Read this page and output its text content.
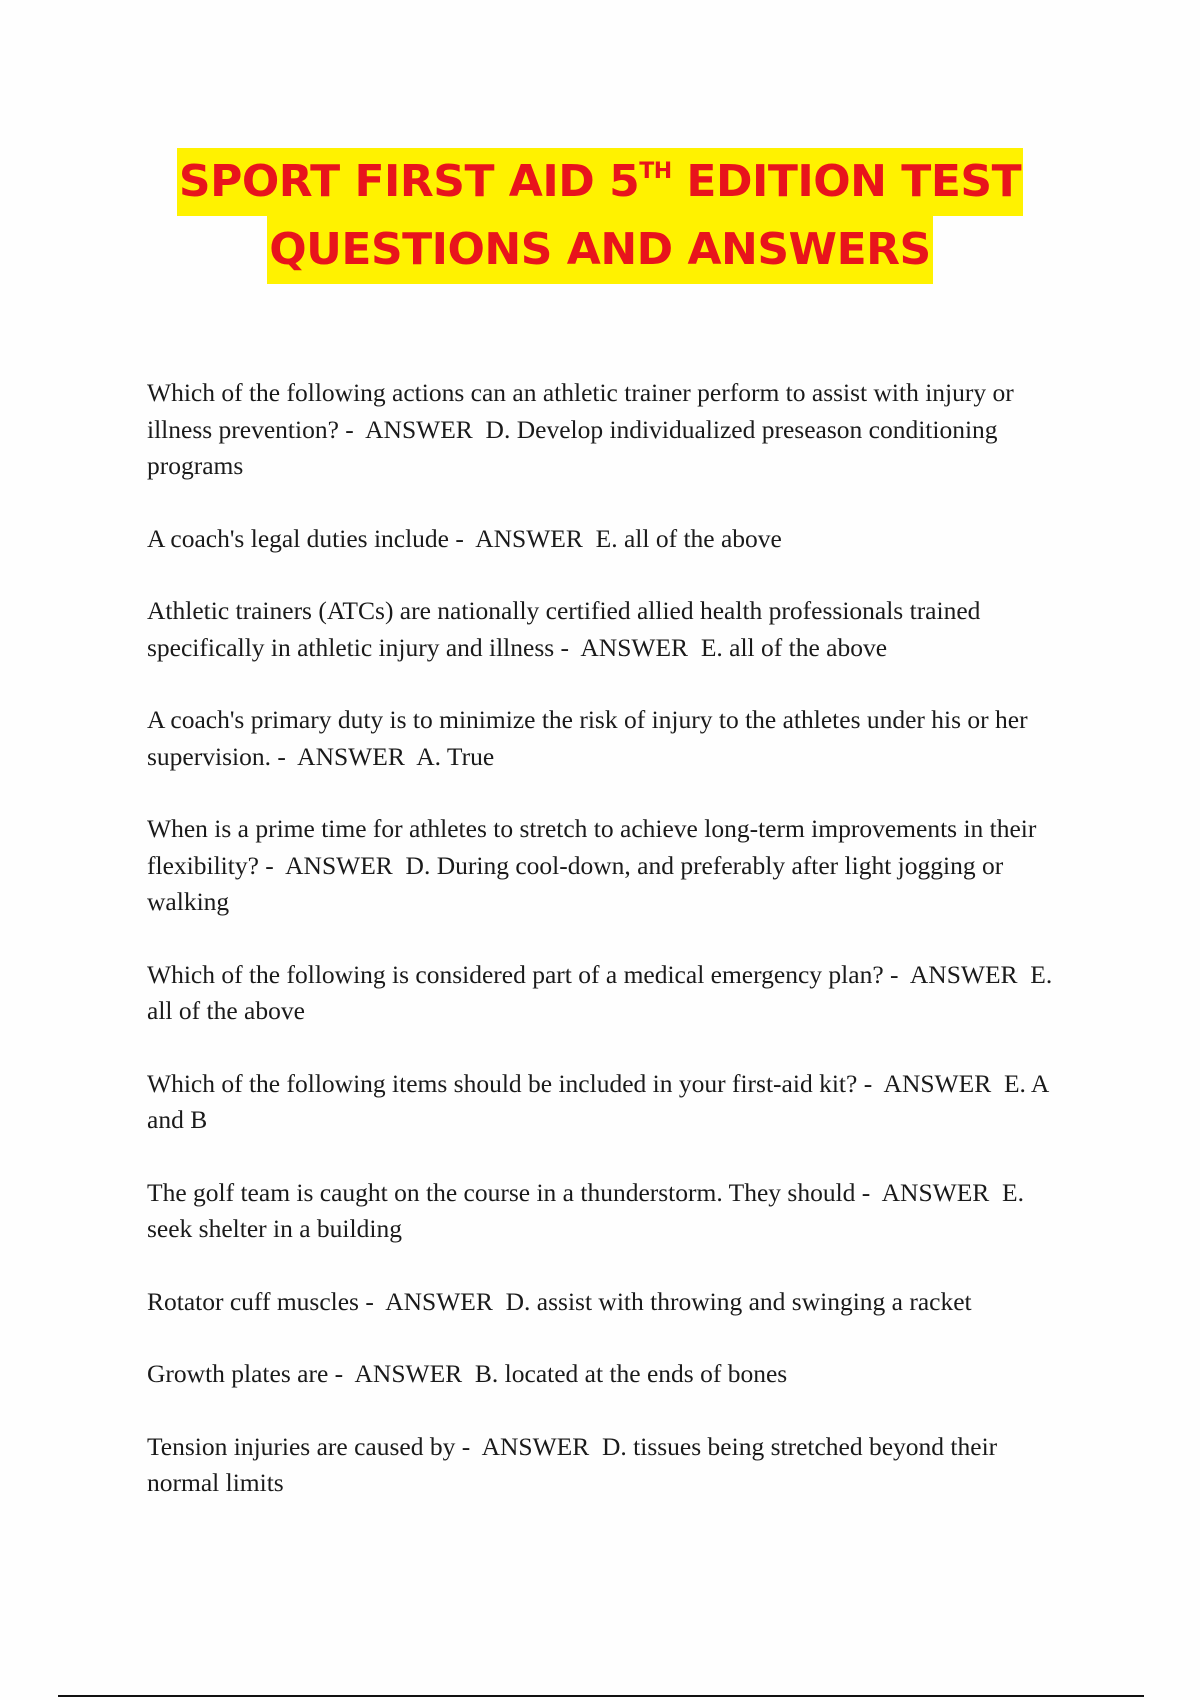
SPORT FIRST AID 5TH EDITION TEST
QUESTIONS AND ANSWERS

Which of the following actions can an athletic trainer perform to assist with injury or illness prevention? - ANSWER D. Develop individualized preseason conditioning programs

A coach's legal duties include - ANSWER E. all of the above

Athletic trainers (ATCs) are nationally certified allied health professionals trained specifically in athletic injury and illness - ANSWER E. all of the above

A coach's primary duty is to minimize the risk of injury to the athletes under his or her supervision. - ANSWER A. True

When is a prime time for athletes to stretch to achieve long-term improvements in their flexibility? - ANSWER D. During cool-down, and preferably after light jogging or walking

Which of the following is considered part of a medical emergency plan? - ANSWER E. all of the above

Which of the following items should be included in your first-aid kit? - ANSWER E. A and B

The golf team is caught on the course in a thunderstorm. They should - ANSWER E. seek shelter in a building

Rotator cuff muscles - ANSWER D. assist with throwing and swinging a racket

Growth plates are - ANSWER B. located at the ends of bones

Tension injuries are caused by - ANSWER D. tissues being stretched beyond their normal limits
